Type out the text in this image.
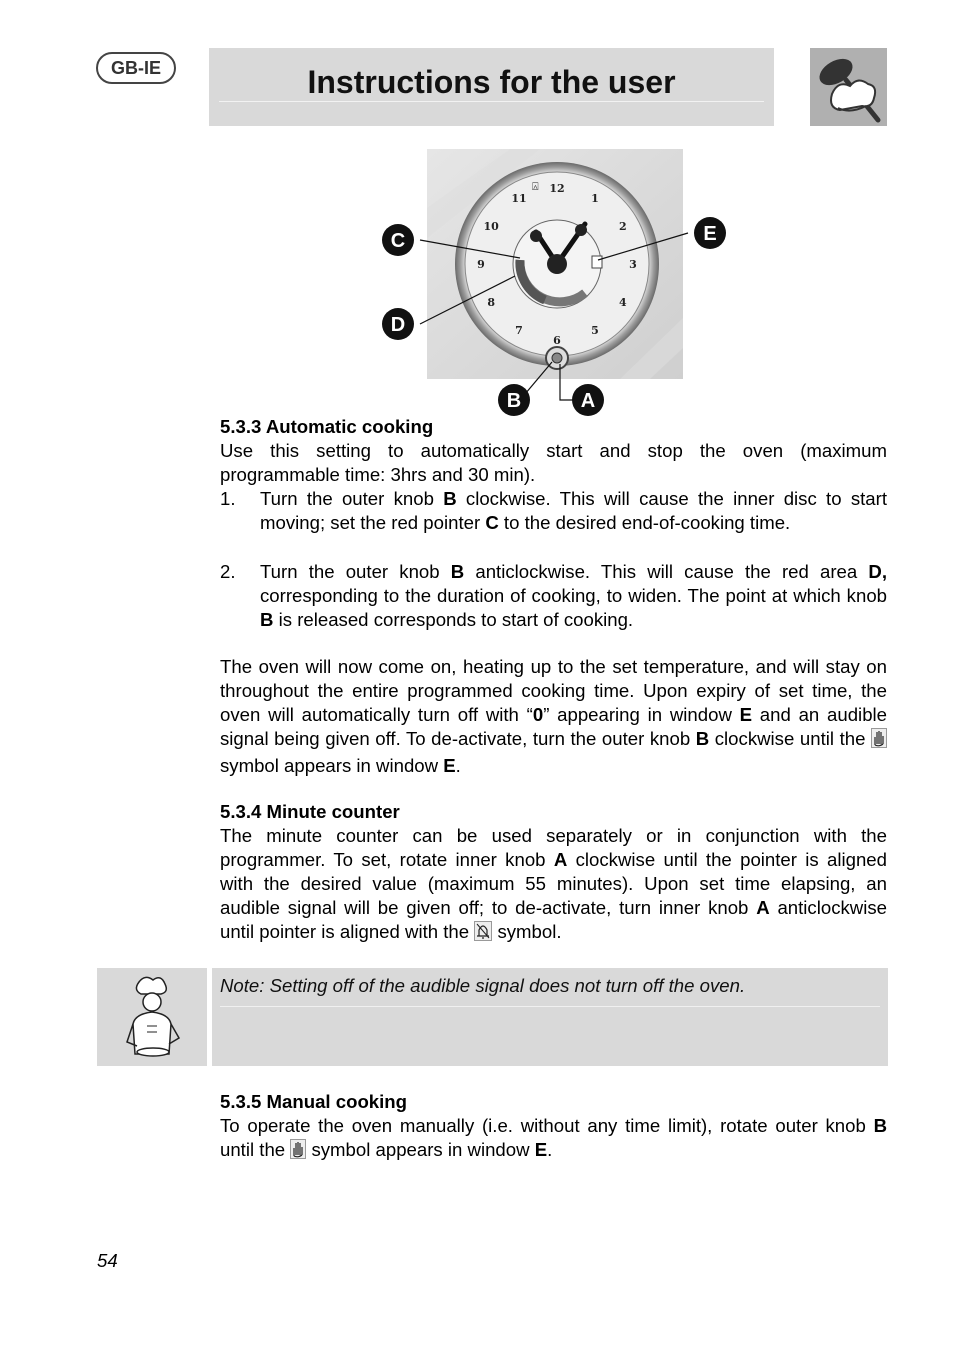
GB-IE	Instructions for the user
12
1
2
3
4
5
6
7
8
9
10
11
⍓
C	E
D
B	A
5.3.3 Automatic cooking
Use this setting to automatically start and stop the oven (maximum programmable time: 3hrs and 30 min).
1. Turn the outer knob B clockwise. This will cause the inner disc to start moving; set the red pointer C to the desired end-of-cooking time.
2. Turn the outer knob B anticlockwise. This will cause the red area D, corresponding to the duration of cooking, to widen. The point at which knob B is released corresponds to start of cooking.
The oven will now come on, heating up to the set temperature, and will stay on throughout the entire programmed cooking time. Upon expiry of set time, the oven will automatically turn off with “0” appearing in window E and an audible signal being given off. To de-activate, turn the outer knob B clockwise until the  symbol appears in window E.
5.3.4 Minute counter
The minute counter can be used separately or in conjunction with the programmer. To set, rotate inner knob A clockwise until the pointer is aligned with the desired value (maximum 55 minutes). Upon set time elapsing, an audible signal will be given off; to de-activate, turn inner knob A anticlockwise until pointer is aligned with the  symbol.
Note: Setting off of the audible signal does not turn off the oven.
5.3.5 Manual cooking
To operate the oven manually (i.e. without any time limit), rotate outer knob B until the  symbol appears in window E.
54
